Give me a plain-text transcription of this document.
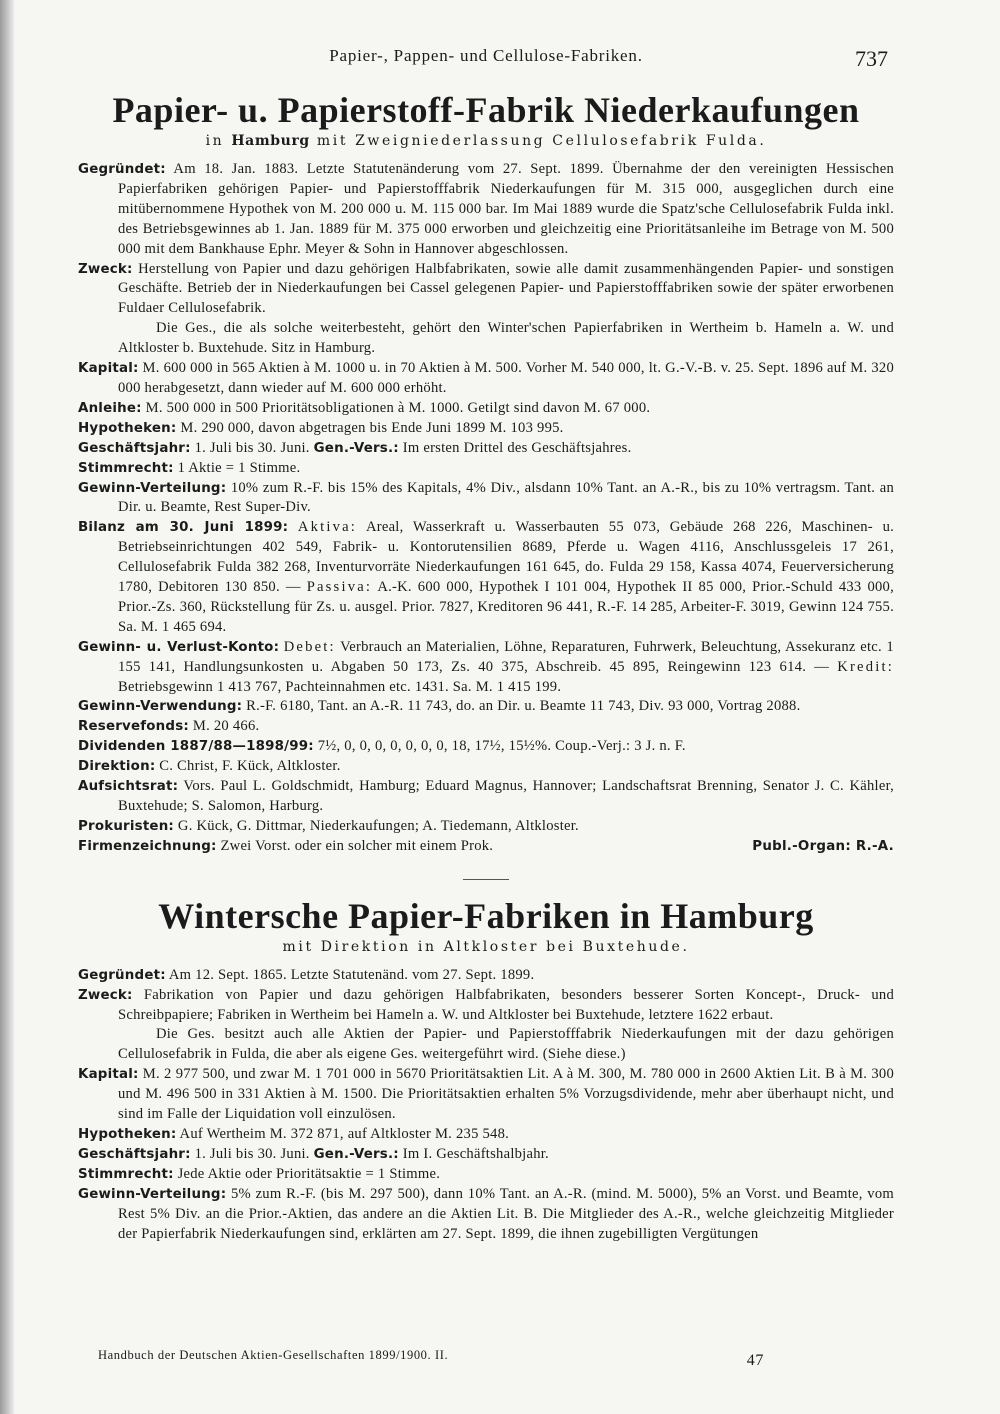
Papier-, Pappen- und Cellulose-Fabriken.	737
Papier- u. Papierstoff-Fabrik Niederkaufungen

in Hamburg mit Zweigniederlassung Cellulosefabrik Fulda.

Gegründet: Am 18. Jan. 1883. Letzte Statutenänderung vom 27. Sept. 1899. Übernahme der den vereinigten Hessischen Papierfabriken gehörigen Papier- und Papierstofffabrik Niederkaufungen für M. 315 000, ausgeglichen durch eine mitübernommene Hypothek von M. 200 000 u. M. 115 000 bar. Im Mai 1889 wurde die Spatz'sche Cellulosefabrik Fulda inkl. des Betriebsgewinnes ab 1. Jan. 1889 für M. 375 000 erworben und gleichzeitig eine Prioritätsanleihe im Betrage von M. 500 000 mit dem Bankhause Ephr. Meyer & Sohn in Hannover abgeschlossen.

Zweck: Herstellung von Papier und dazu gehörigen Halbfabrikaten, sowie alle damit zusammenhängenden Papier- und sonstigen Geschäfte. Betrieb der in Niederkaufungen bei Cassel gelegenen Papier- und Papierstofffabriken sowie der später erworbenen Fuldaer Cellulosefabrik.

Die Ges., die als solche weiterbesteht, gehört den Winter'schen Papierfabriken in Wertheim b. Hameln a. W. und Altkloster b. Buxtehude. Sitz in Hamburg.

Kapital: M. 600 000 in 565 Aktien à M. 1000 u. in 70 Aktien à M. 500. Vorher M. 540 000, lt. G.-V.-B. v. 25. Sept. 1896 auf M. 320 000 herabgesetzt, dann wieder auf M. 600 000 erhöht.

Anleihe: M. 500 000 in 500 Prioritätsobligationen à M. 1000. Getilgt sind davon M. 67 000.

Hypotheken: M. 290 000, davon abgetragen bis Ende Juni 1899 M. 103 995.

Geschäftsjahr: 1. Juli bis 30. Juni. Gen.-Vers.: Im ersten Drittel des Geschäftsjahres.

Stimmrecht: 1 Aktie = 1 Stimme.

Gewinn-Verteilung: 10% zum R.-F. bis 15% des Kapitals, 4% Div., alsdann 10% Tant. an A.-R., bis zu 10% vertragsm. Tant. an Dir. u. Beamte, Rest Super-Div.

Bilanz am 30. Juni 1899: Aktiva: Areal, Wasserkraft u. Wasserbauten 55 073, Gebäude 268 226, Maschinen- u. Betriebseinrichtungen 402 549, Fabrik- u. Kontorutensilien 8689, Pferde u. Wagen 4116, Anschlussgeleis 17 261, Cellulosefabrik Fulda 382 268, Inventurvorräte Niederkaufungen 161 645, do. Fulda 29 158, Kassa 4074, Feuerversicherung 1780, Debitoren 130 850. — Passiva: A.-K. 600 000, Hypothek I 101 004, Hypothek II 85 000, Prior.-Schuld 433 000, Prior.-Zs. 360, Rückstellung für Zs. u. ausgel. Prior. 7827, Kreditoren 96 441, R.-F. 14 285, Arbeiter-F. 3019, Gewinn 124 755. Sa. M. 1 465 694.

Gewinn- u. Verlust-Konto: Debet: Verbrauch an Materialien, Löhne, Reparaturen, Fuhrwerk, Beleuchtung, Assekuranz etc. 1 155 141, Handlungsunkosten u. Abgaben 50 173, Zs. 40 375, Abschreib. 45 895, Reingewinn 123 614. — Kredit: Betriebsgewinn 1 413 767, Pachteinnahmen etc. 1431. Sa. M. 1 415 199.

Gewinn-Verwendung: R.-F. 6180, Tant. an A.-R. 11 743, do. an Dir. u. Beamte 11 743, Div. 93 000, Vortrag 2088.

Reservefonds: M. 20 466.

Dividenden 1887/88—1898/99: 7½, 0, 0, 0, 0, 0, 0, 0, 18, 17½, 15½%. Coup.-Verj.: 3 J. n. F.

Direktion: C. Christ, F. Kück, Altkloster.

Aufsichtsrat: Vors. Paul L. Goldschmidt, Hamburg; Eduard Magnus, Hannover; Landschaftsrat Brenning, Senator J. C. Kähler, Buxtehude; S. Salomon, Harburg.

Prokuristen: G. Kück, G. Dittmar, Niederkaufungen; A. Tiedemann, Altkloster.

Publ.-Organ: R.-A.
Firmenzeichnung: Zwei Vorst. oder ein solcher mit einem Prok.

Wintersche Papier-Fabriken in Hamburg

mit Direktion in Altkloster bei Buxtehude.

Gegründet: Am 12. Sept. 1865. Letzte Statutenänd. vom 27. Sept. 1899.

Zweck: Fabrikation von Papier und dazu gehörigen Halbfabrikaten, besonders besserer Sorten Koncept-, Druck- und Schreibpapiere; Fabriken in Wertheim bei Hameln a. W. und Altkloster bei Buxtehude, letztere 1622 erbaut.

Die Ges. besitzt auch alle Aktien der Papier- und Papierstofffabrik Niederkaufungen mit der dazu gehörigen Cellulosefabrik in Fulda, die aber als eigene Ges. weitergeführt wird. (Siehe diese.)

Kapital: M. 2 977 500, und zwar M. 1 701 000 in 5670 Prioritätsaktien Lit. A à M. 300, M. 780 000 in 2600 Aktien Lit. B à M. 300 und M. 496 500 in 331 Aktien à M. 1500. Die Prioritätsaktien erhalten 5% Vorzugsdividende, mehr aber überhaupt nicht, und sind im Falle der Liquidation voll einzulösen.

Hypotheken: Auf Wertheim M. 372 871, auf Altkloster M. 235 548.

Geschäftsjahr: 1. Juli bis 30. Juni. Gen.-Vers.: Im I. Geschäftshalbjahr.

Stimmrecht: Jede Aktie oder Prioritätsaktie = 1 Stimme.

Gewinn-Verteilung: 5% zum R.-F. (bis M. 297 500), dann 10% Tant. an A.-R. (mind. M. 5000), 5% an Vorst. und Beamte, vom Rest 5% Div. an die Prior.-Aktien, das andere an die Aktien Lit. B. Die Mitglieder des A.-R., welche gleichzeitig Mitglieder der Papierfabrik Niederkaufungen sind, erklärten am 27. Sept. 1899, die ihnen zugebilligten Vergütungen

Handbuch der Deutschen Aktien-Gesellschaften 1899/1900. II.	47
